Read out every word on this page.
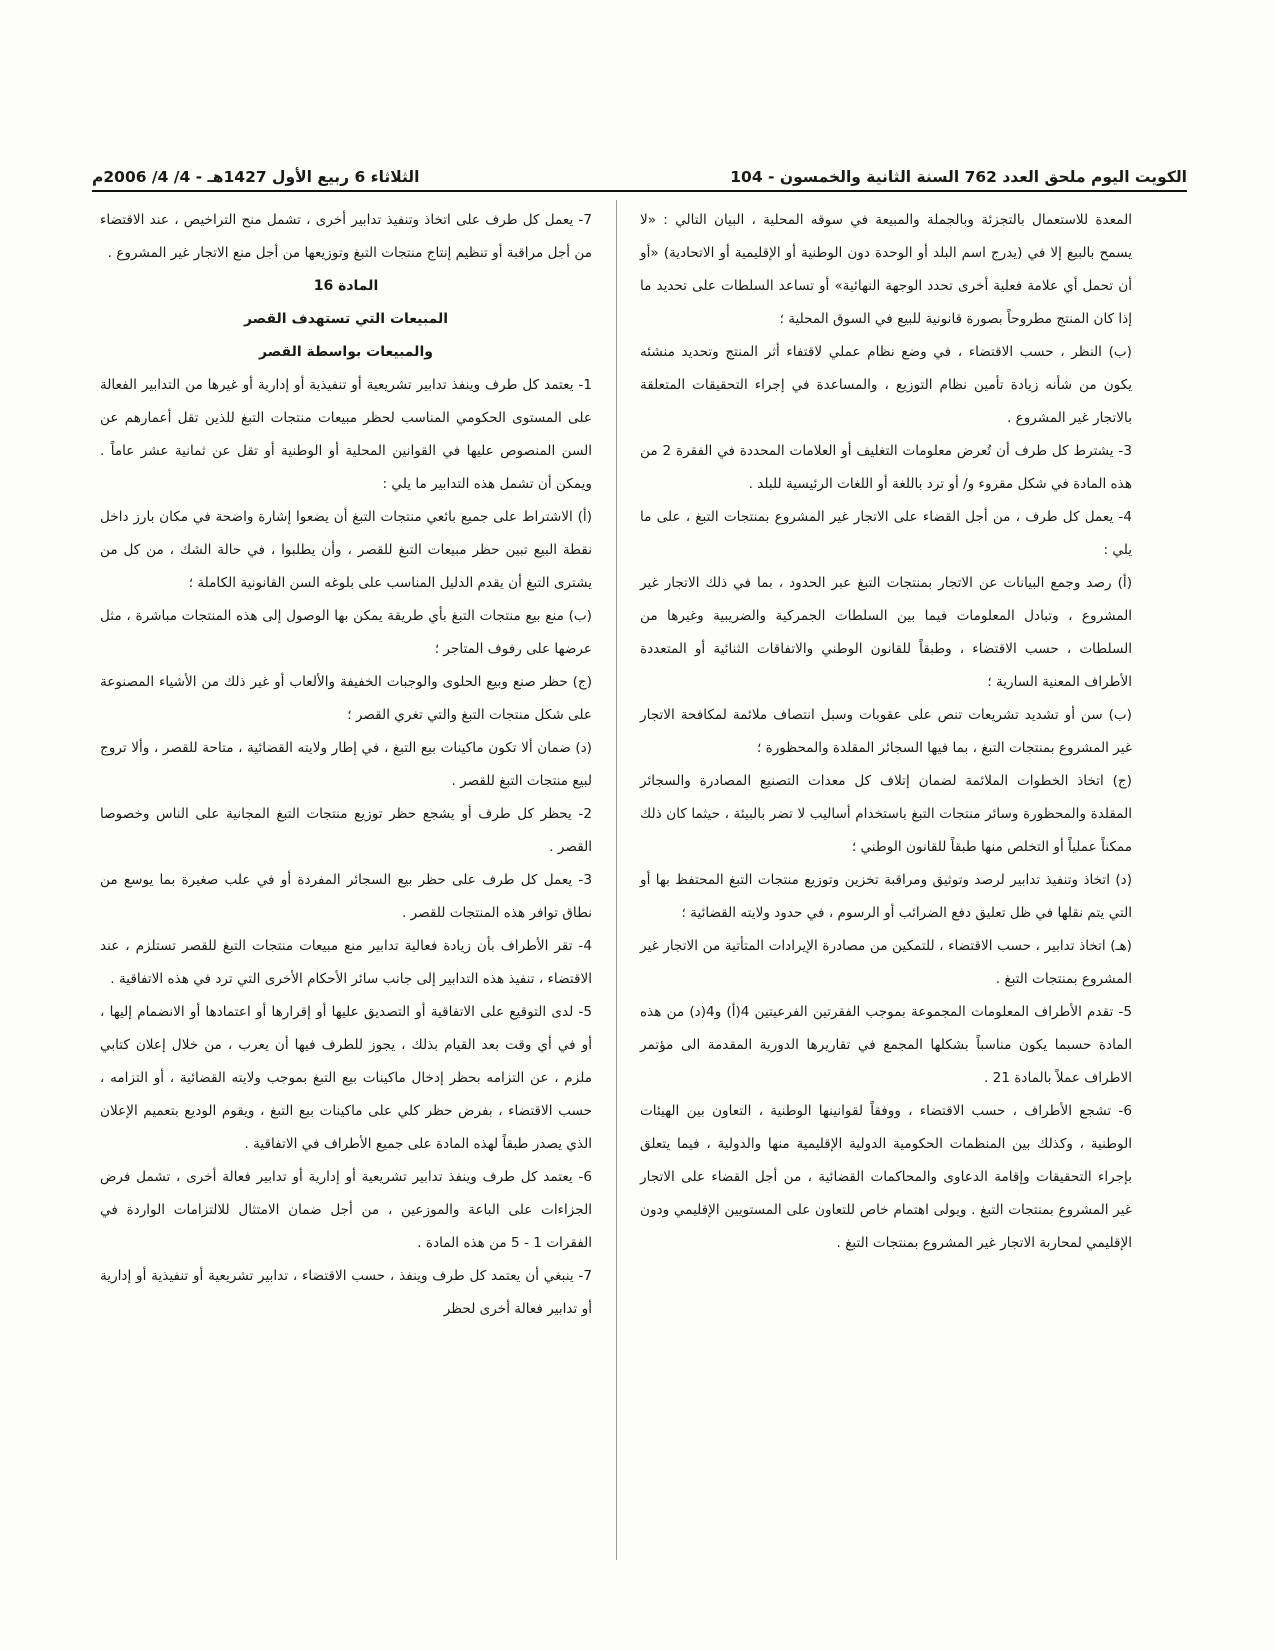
الكويت اليوم ملحق العدد 762 السنة الثانية والخمسون - 104
الثلاثاء 6 ربيع الأول 1427هـ - 4/ 4/ 2006م

المعدة للاستعمال بالتجزئة وبالجملة والمبيعة في سوقه المحلية ، البيان التالي : «لا يسمح بالبيع إلا في (يدرج اسم البلد أو الوحدة دون الوطنية أو الإقليمية أو الاتحادية) «أو أن تحمل أي علامة فعلية أخرى تحدد الوجهة النهائية» أو تساعد السلطات على تحديد ما إذا كان المنتج مطروحاً بصورة قانونية للبيع في السوق المحلية ؛

(ب) النظر ، حسب الاقتضاء ، في وضع نظام عملي لاقتفاء أثر المنتج وتحديد منشئه يكون من شأنه زيادة تأمين نظام التوزيع ، والمساعدة في إجراء التحقيقات المتعلقة بالاتجار غير المشروع .

3- يشترط كل طرف أن تُعرض معلومات التغليف أو العلامات المحددة في الفقرة 2 من هذه المادة في شكل مقروء و/ أو ترد باللغة أو اللغات الرئيسية للبلد .

4- يعمل كل طرف ، من أجل القضاء على الاتجار غير المشروع بمنتجات التبغ ، على ما يلي :

(أ) رصد وجمع البيانات عن الاتجار بمنتجات التبغ عبر الحدود ، بما في ذلك الاتجار غير المشروع ، وتبادل المعلومات فيما بين السلطات الجمركية والضريبية وغيرها من السلطات ، حسب الاقتضاء ، وطبقاً للقانون الوطني والاتفاقات الثنائية أو المتعددة الأطراف المعنية السارية ؛

(ب) سن أو تشديد تشريعات تنص على عقوبات وسبل انتصاف ملائمة لمكافحة الاتجار غير المشروع بمنتجات التبغ ، بما فيها السجائر المقلدة والمحظورة ؛

(ج) اتخاذ الخطوات الملائمة لضمان إتلاف كل معدات التصنيع المصادرة والسجائر المقلدة والمحظورة وسائر منتجات التبغ باستخدام أساليب لا تضر بالبيئة ، حيثما كان ذلك ممكناً عملياً أو التخلص منها طبقاً للقانون الوطني ؛

(د) اتخاذ وتنفيذ تدابير لرصد وتوثيق ومراقبة تخزين وتوزيع منتجات التبغ المحتفظ بها أو التي يتم نقلها في ظل تعليق دفع الضرائب أو الرسوم ، في حدود ولايته القضائية ؛

(هـ) اتخاذ تدابير ، حسب الاقتضاء ، للتمكين من مصادرة الإيرادات المتأتية من الاتجار غير المشروع بمنتجات التبغ .

5- تقدم الأطراف المعلومات المجموعة بموجب الفقرتين الفرعيتين 4(أ) و4(د) من هذه المادة حسبما يكون مناسباً بشكلها المجمع في تقاريرها الدورية المقدمة الى مؤتمر الاطراف عملاً بالمادة 21 .

6- تشجع الأطراف ، حسب الاقتضاء ، ووفقاً لقوانينها الوطنية ، التعاون بين الهيئات الوطنية ، وكذلك بين المنظمات الحكومية الدولية الإقليمية منها والدولية ، فيما يتعلق بإجراء التحقيقات وإقامة الدعاوى والمحاكمات القضائية ، من أجل القضاء على الاتجار غير المشروع بمنتجات التبغ . ويولى اهتمام خاص للتعاون على المستويين الإقليمي ودون الإقليمي لمحاربة الاتجار غير المشروع بمنتجات التبغ .

7- يعمل كل طرف على اتخاذ وتنفيذ تدابير أخرى ، تشمل منح التراخيص ، عند الاقتضاء من أجل مراقبة أو تنظيم إنتاج منتجات التبغ وتوزيعها من أجل منع الاتجار غير المشروع .

المادة 16

المبيعات التي تستهدف القصر

والمبيعات بواسطة القصر

1- يعتمد كل طرف وينفذ تدابير تشريعية أو تنفيذية أو إدارية أو غيرها من التدابير الفعالة على المستوى الحكومي المناسب لحظر مبيعات منتجات التبغ للذين تقل أعمارهم عن السن المنصوص عليها في القوانين المحلية أو الوطنية أو تقل عن ثمانية عشر عاماً . ويمكن أن تشمل هذه التدابير ما يلي :

(أ) الاشتراط على جميع بائعي منتجات التبغ أن يضعوا إشارة واضحة في مكان بارز داخل نقطة البيع تبين حظر مبيعات التبغ للقصر ، وأن يطلبوا ، في حالة الشك ، من كل من يشترى التبغ أن يقدم الدليل المناسب على بلوغه السن القانونية الكاملة ؛

(ب) منع بيع منتجات التبغ بأي طريقة يمكن بها الوصول إلى هذه المنتجات مباشرة ، مثل عرضها على رفوف المتاجر ؛

(ج) حظر صنع وبيع الحلوى والوجبات الخفيفة والألعاب أو غير ذلك من الأشياء المصنوعة على شكل منتجات التبغ والتي تغري القصر ؛

(د) ضمان ألا تكون ماكينات بيع التبغ ، في إطار ولايته القضائية ، متاحة للقصر ، وألا تروج لبيع منتجات التبغ للقصر .

2- يحظر كل طرف أو يشجع حظر توزيع منتجات التبغ المجانية على الناس وخصوصا القصر .

3- يعمل كل طرف على حظر بيع السجائر المفردة أو في علب صغيرة بما يوسع من نطاق توافر هذه المنتجات للقصر .

4- تقر الأطراف بأن زيادة فعالية تدابير منع مبيعات منتجات التبغ للقصر تستلزم ، عند الاقتضاء ، تنفيذ هذه التدابير إلى جانب سائر الأحكام الأخرى التي ترد في هذه الاتفاقية .

5- لدى التوقيع على الاتفاقية أو التصديق عليها أو إقرارها أو اعتمادها أو الانضمام إليها ، أو في أي وقت بعد القيام بذلك ، يجوز للطرف فيها أن يعرب ، من خلال إعلان كتابي ملزم ، عن التزامه بحظر إدخال ماكينات بيع التبغ بموجب ولايته القضائية ، أو التزامه ، حسب الاقتضاء ، بفرض حظر كلي على ماكينات بيع التبغ ، ويقوم الوديع بتعميم الإعلان الذي يصدر طبقاً لهذه المادة على جميع الأطراف في الاتفاقية .

6- يعتمد كل طرف وينفذ تدابير تشريعية أو إدارية أو تدابير فعالة أخرى ، تشمل فرض الجزاءات على الباعة والموزعين ، من أجل ضمان الامتثال للالتزامات الواردة في الفقرات 1 - 5 من هذه المادة .

7- ينبغي أن يعتمد كل طرف وينفذ ، حسب الاقتضاء ، تدابير تشريعية أو تنفيذية أو إدارية أو تدابير فعالة أخرى لحظر
